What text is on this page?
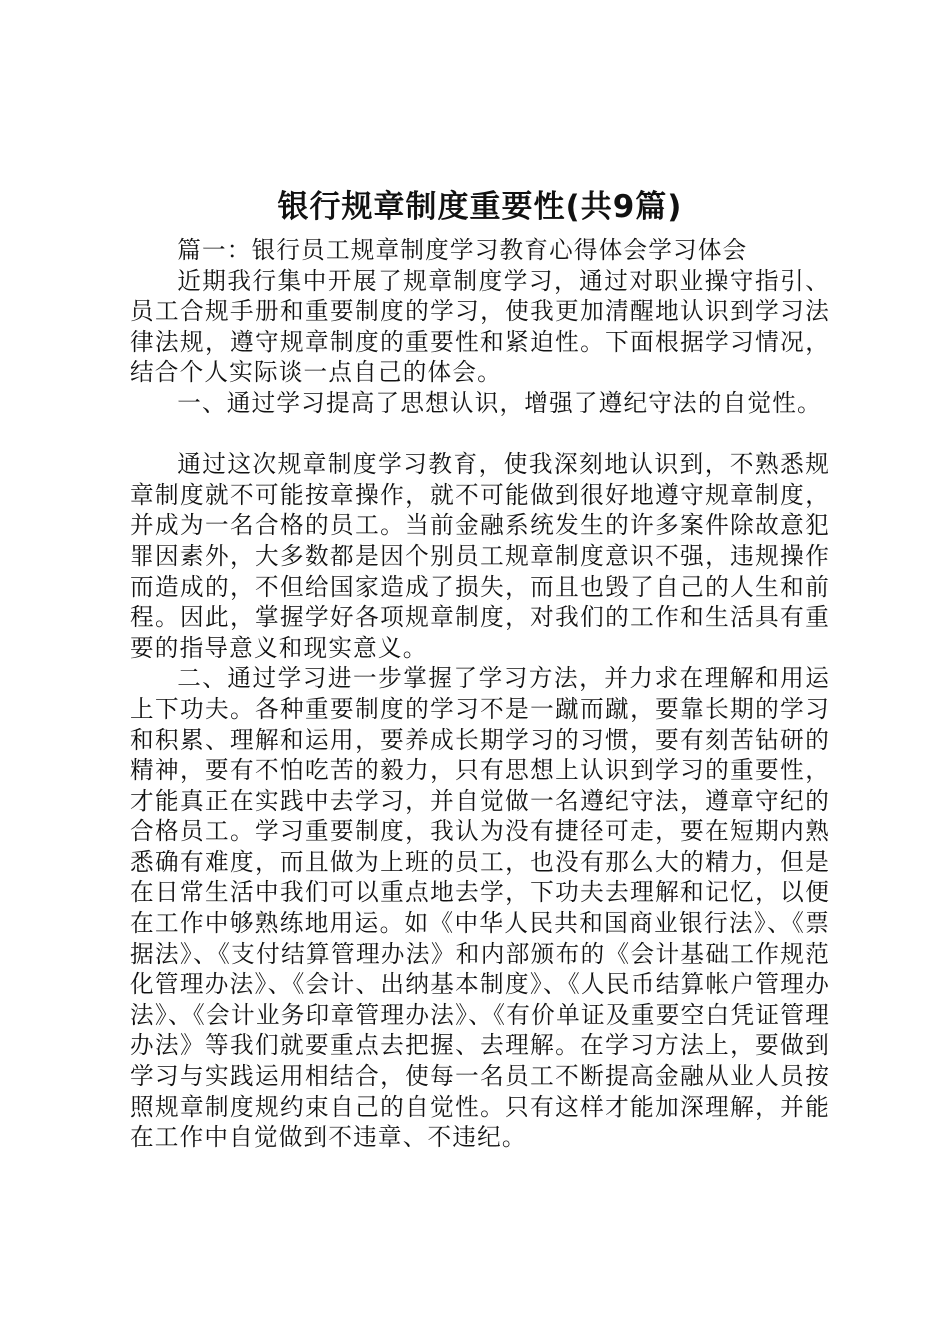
银行规章制度重要性(共9篇)

篇一：银行员工规章制度学习教育心得体会学习体会

近期我行集中开展了规章制度学习，通过对职业操守指引、员工合规手册和重要制度的学习，使我更加清醒地认识到学习法律法规，遵守规章制度的重要性和紧迫性。下面根据学习情况，结合个人实际谈一点自己的体会。

一、通过学习提高了思想认识，增强了遵纪守法的自觉性。

通过这次规章制度学习教育，使我深刻地认识到，不熟悉规章制度就不可能按章操作，就不可能做到很好地遵守规章制度，并成为一名合格的员工。当前金融系统发生的许多案件除故意犯罪因素外，大多数都是因个别员工规章制度意识不强，违规操作而造成的，不但给国家造成了损失，而且也毁了自己的人生和前程。因此，掌握学好各项规章制度，对我们的工作和生活具有重要的指导意义和现实意义。

二、通过学习进一步掌握了学习方法，并力求在理解和用运上下功夫。各种重要制度的学习不是一蹴而蹴，要靠长期的学习和积累、理解和运用，要养成长期学习的习惯，要有刻苦钻研的精神，要有不怕吃苦的毅力，只有思想上认识到学习的重要性，才能真正在实践中去学习，并自觉做一名遵纪守法，遵章守纪的合格员工。学习重要制度，我认为没有捷径可走，要在短期内熟悉确有难度，而且做为上班的员工，也没有那么大的精力，但是在日常生活中我们可以重点地去学，下功夫去理解和记忆，以便在工作中够熟练地用运。如《中华人民共和国商业银行法》、《票据法》、《支付结算管理办法》和内部颁布的《会计基础工作规范化管理办法》、《会计、出纳基本制度》、《人民币结算帐户管理办法》、《会计业务印章管理办法》、《有价单证及重要空白凭证管理办法》等我们就要重点去把握、去理解。在学习方法上，要做到学习与实践运用相结合，使每一名员工不断提高金融从业人员按照规章制度规约束自己的自觉性。只有这样才能加深理解，并能在工作中自觉做到不违章、不违纪。
